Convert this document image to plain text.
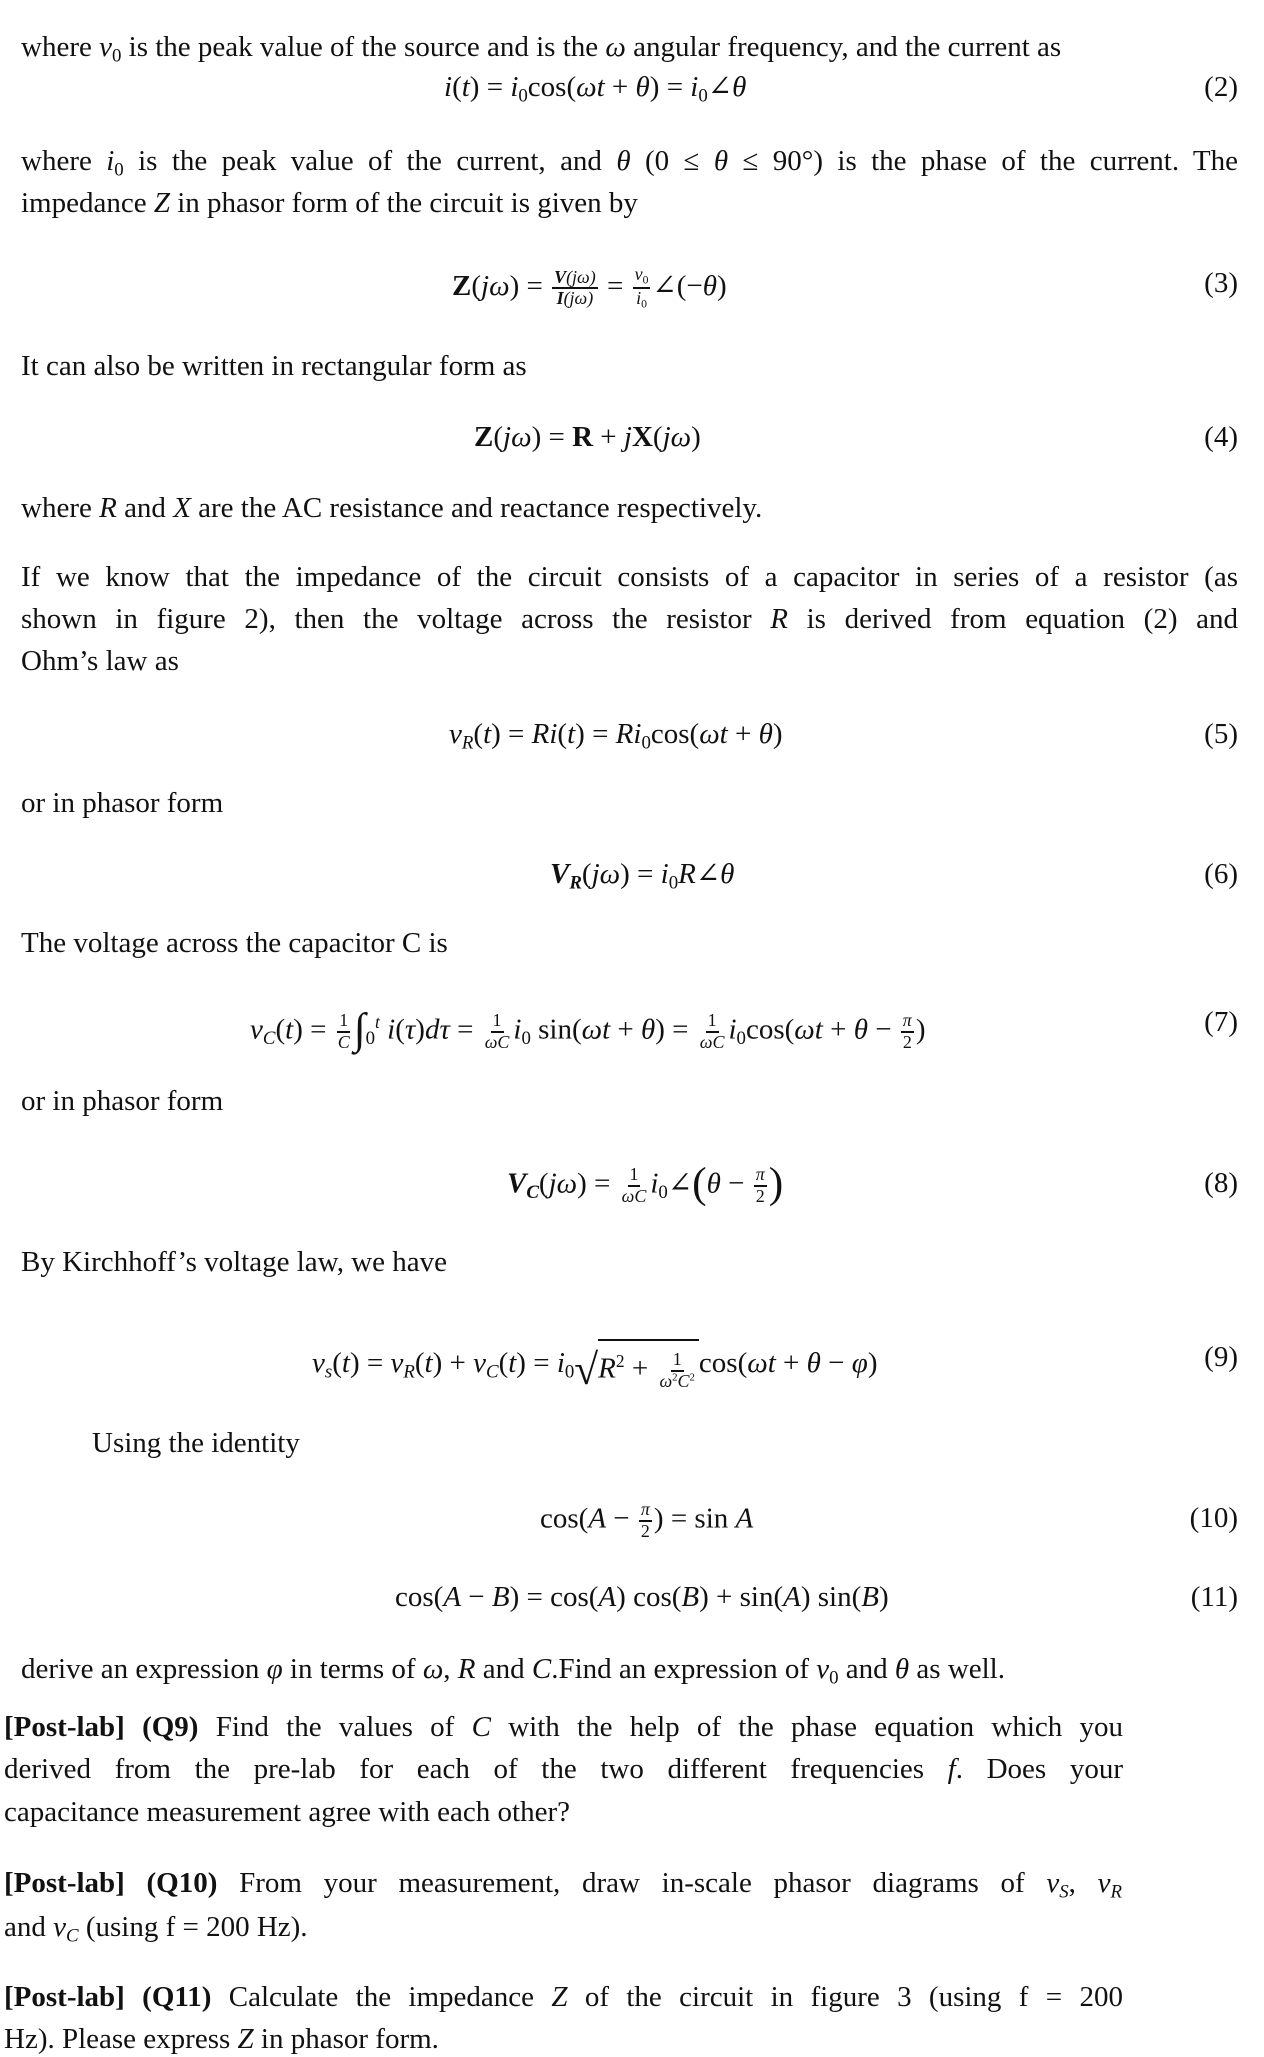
where $v_0$ is the peak value of the source and is the ω angular frequency, and the current as
$i(t) = i_0\cos(\omega t + \theta)$ = $i_0\angle\theta$	(2)
where $i_0$ is the peak value of the current, and θ (0 ≤ θ ≤ 90°) is the phase of the current. The
impedance Z in phasor form of the circuit is given by
$Z(j\omega) = \frac{V(j\omega)}{I(j\omega)} = \frac{v_0}{i_0}$ ∠(−θ)	(3)
It can also be written in rectangular form as
Z(jω) = R + jX(jω)	(4)
where R and X are the AC resistance and reactance respectively.
If we know that the impedance of the circuit consists of a capacitor in series of a resistor (as
shown in figure 2), then the voltage across the resistor R is derived from equation (2) and
Ohm’s law as
$vR(t) = Ri(t) = Ri_0\cos(\omega t + \theta)$	(5)
or in phasor form
$VR(j\omega) = i_0R\angle\theta$	(6)
The voltage across the capacitor C is
$vC(t) = \frac{1}{C} \int_0^t$ $i(\tau)d\tau = \frac{1}{\omega C} i_0$ $\sin(\omega t + \theta) = \frac{1}{\omega C} i_0\cos(\omega t + \theta - \frac{\pi}{2}$ )	(7)
or in phasor form
$VC(j\omega) = \frac{1}{\omega C}$ $i_0\angle(\theta - \frac{\pi}{2}$ )	(8)
By Kirchhoff’s voltage law, we have
$vs(t) = vR(t) + vC(t) = i_0√R^2 + \frac{1}{\omega^2C^2} \cos(\omega t + \theta - \varphi)$	(9)
Using the identity
$\cos(A - \frac{\pi}{2}$ ) = sin A	(10)
cos(A − B) = cos(A) cos(B) + sin(A) sin(B)	(11)
derive an expression φ in terms of ω, R and C.Find an expression of $v_0$ and θ as well.
[Post-lab] (Q9) Find the values of C with the help of the phase equation which you
derived from the pre-lab for each of the two different frequencies f. Does your
capacitance measurement agree with each other?
[Post-lab] (Q10) From your measurement, draw in-scale phasor diagrams of vS, vR
and vC (using f = 200 Hz).
[Post-lab] (Q11) Calculate the impedance Z of the circuit in figure 3 (using f = 200
Hz). Please express Z in phasor form.
